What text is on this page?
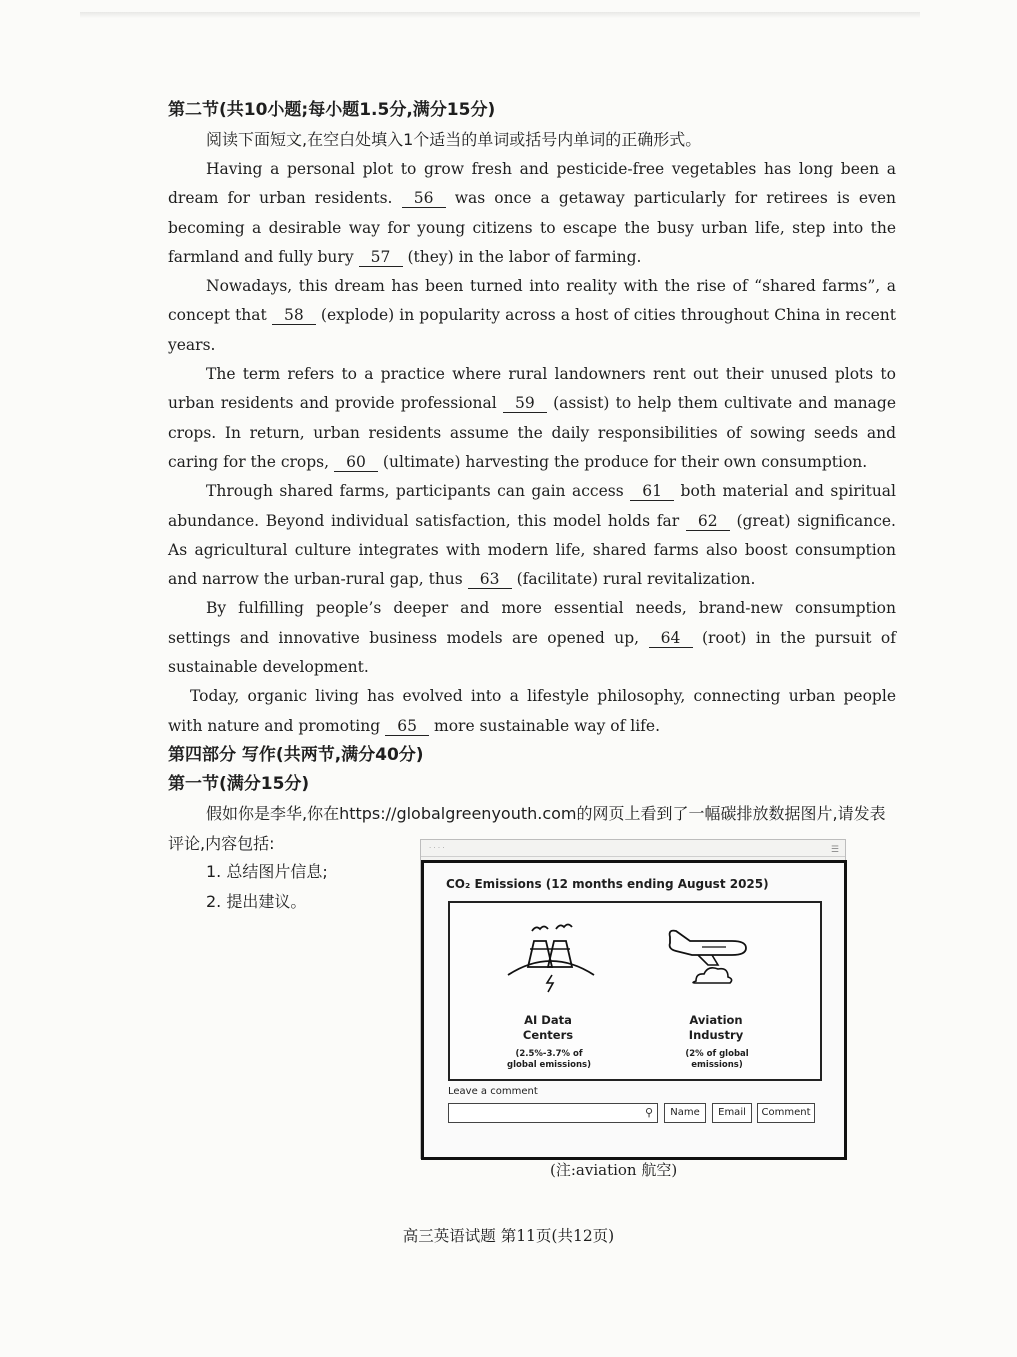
第二节(共10小题;每小题1.5分,满分15分)

阅读下面短文,在空白处填入1个适当的单词或括号内单词的正确形式。

Having a personal plot to grow fresh and pesticide-free vegetables has long been a dream for urban residents. 56 was once a getaway particularly for retirees is even becoming a desirable way for young citizens to escape the busy urban life, step into the farmland and fully bury 57 (they) in the labor of farming.

Nowadays, this dream has been turned into reality with the rise of “shared farms”, a concept that 58 (explode) in popularity across a host of cities throughout China in recent years.

The term refers to a practice where rural landowners rent out their unused plots to urban residents and provide professional 59 (assist) to help them cultivate and manage crops. In return, urban residents assume the daily responsibilities of sowing seeds and caring for the crops, 60 (ultimate) harvesting the produce for their own consumption.

Through shared farms, participants can gain access 61 both material and spiritual abundance. Beyond individual satisfaction, this model holds far 62 (great) significance. As agricultural culture integrates with modern life, shared farms also boost consumption and narrow the urban-rural gap, thus 63 (facilitate) rural revitalization.

By fulfilling people’s deeper and more essential needs, brand-new consumption settings and innovative business models are opened up, 64 (root) in the pursuit of sustainable development.

Today, organic living has evolved into a lifestyle philosophy, connecting urban people with nature and promoting 65 more sustainable way of life.

第四部分 写作(共两节,满分40分)

第一节(满分15分)

假如你是李华,你在https://globalgreenyouth.com的网页上看到了一幅碳排放数据图片,请发表评论,内容包括:
1. 总结图片信息;
2. 提出建议。
· · · ·	☰
CO₂ Emissions (12 months ending August 2025)
AI Data
Centers
(2.5%-3.7% of
global emissions)
Aviation
Industry
(2% of global
emissions)
Leave a comment
⚲	Name	Email	Comment
(注:aviation 航空)
高三英语试题 第11页(共12页)
